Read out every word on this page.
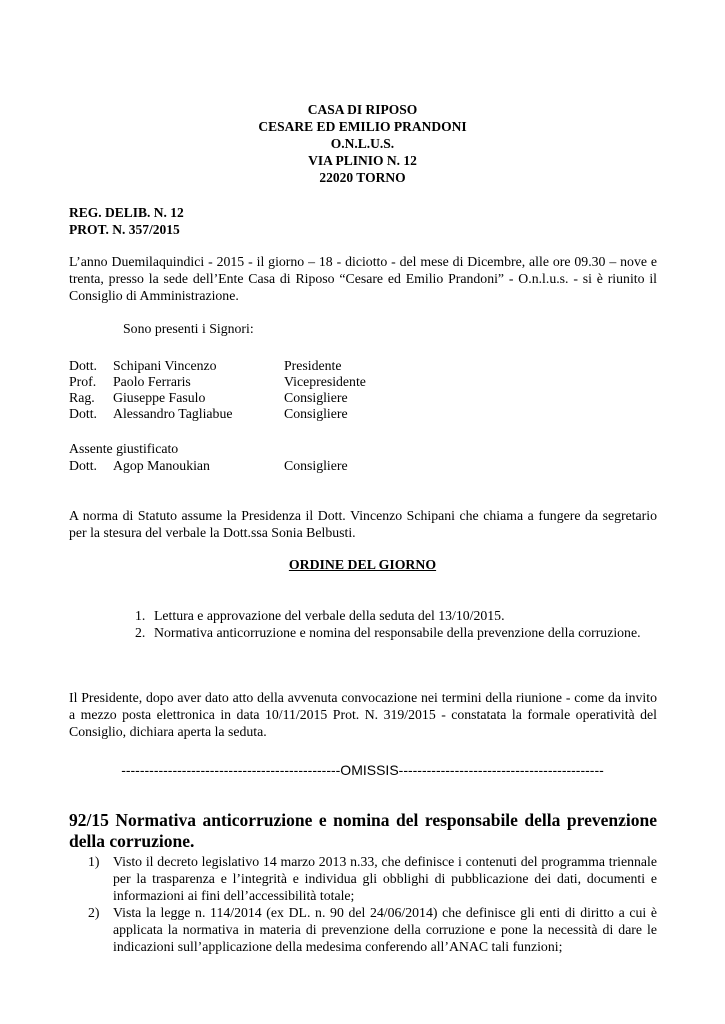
CASA DI RIPOSO
CESARE ED EMILIO PRANDONI
O.N.L.U.S.
VIA PLINIO N. 12
22020 TORNO
REG. DELIB. N. 12
PROT. N. 357/2015
L’anno Duemilaquindici - 2015 - il giorno – 18 - diciotto - del mese di Dicembre, alle ore 09.30 – nove e trenta, presso la sede dell’Ente Casa di Riposo “Cesare ed Emilio Prandoni” - O.n.l.u.s. - si è riunito il Consiglio di Amministrazione.
Sono presenti i Signori:
Dott. Schipani Vincenzo	Presidente
Prof. Paolo Ferraris	Vicepresidente
Rag. Giuseppe Fasulo	Consigliere
Dott. Alessandro Tagliabue	Consigliere
Assente giustificato
Dott. Agop Manoukian	Consigliere
A norma di Statuto assume la Presidenza il Dott. Vincenzo Schipani che chiama a fungere da segretario per la stesura del verbale la Dott.ssa Sonia Belbusti.
ORDINE DEL GIORNO
1. Lettura e approvazione del verbale della seduta del 13/10/2015.
2. Normativa anticorruzione e nomina del responsabile della prevenzione della corruzione.
Il Presidente, dopo aver dato atto della avvenuta convocazione nei termini della riunione - come da invito a mezzo posta elettronica in data 10/11/2015 Prot. N. 319/2015 - constatata la formale operatività del Consiglio, dichiara aperta la seduta.
-----------------------------------------------OMISSIS--------------------------------------------
92/15 Normativa anticorruzione e nomina del responsabile della prevenzione della corruzione.
1) Visto il decreto legislativo 14 marzo 2013 n.33, che definisce i contenuti del programma triennale per la trasparenza e l’integrità e individua gli obblighi di pubblicazione dei dati, documenti e informazioni ai fini dell’accessibilità totale;
2) Vista la legge n. 114/2014 (ex DL. n. 90 del 24/06/2014) che definisce gli enti di diritto a cui è applicata la normativa in materia di prevenzione della corruzione e pone la necessità di dare le indicazioni sull’applicazione della medesima conferendo all’ANAC tali funzioni;
